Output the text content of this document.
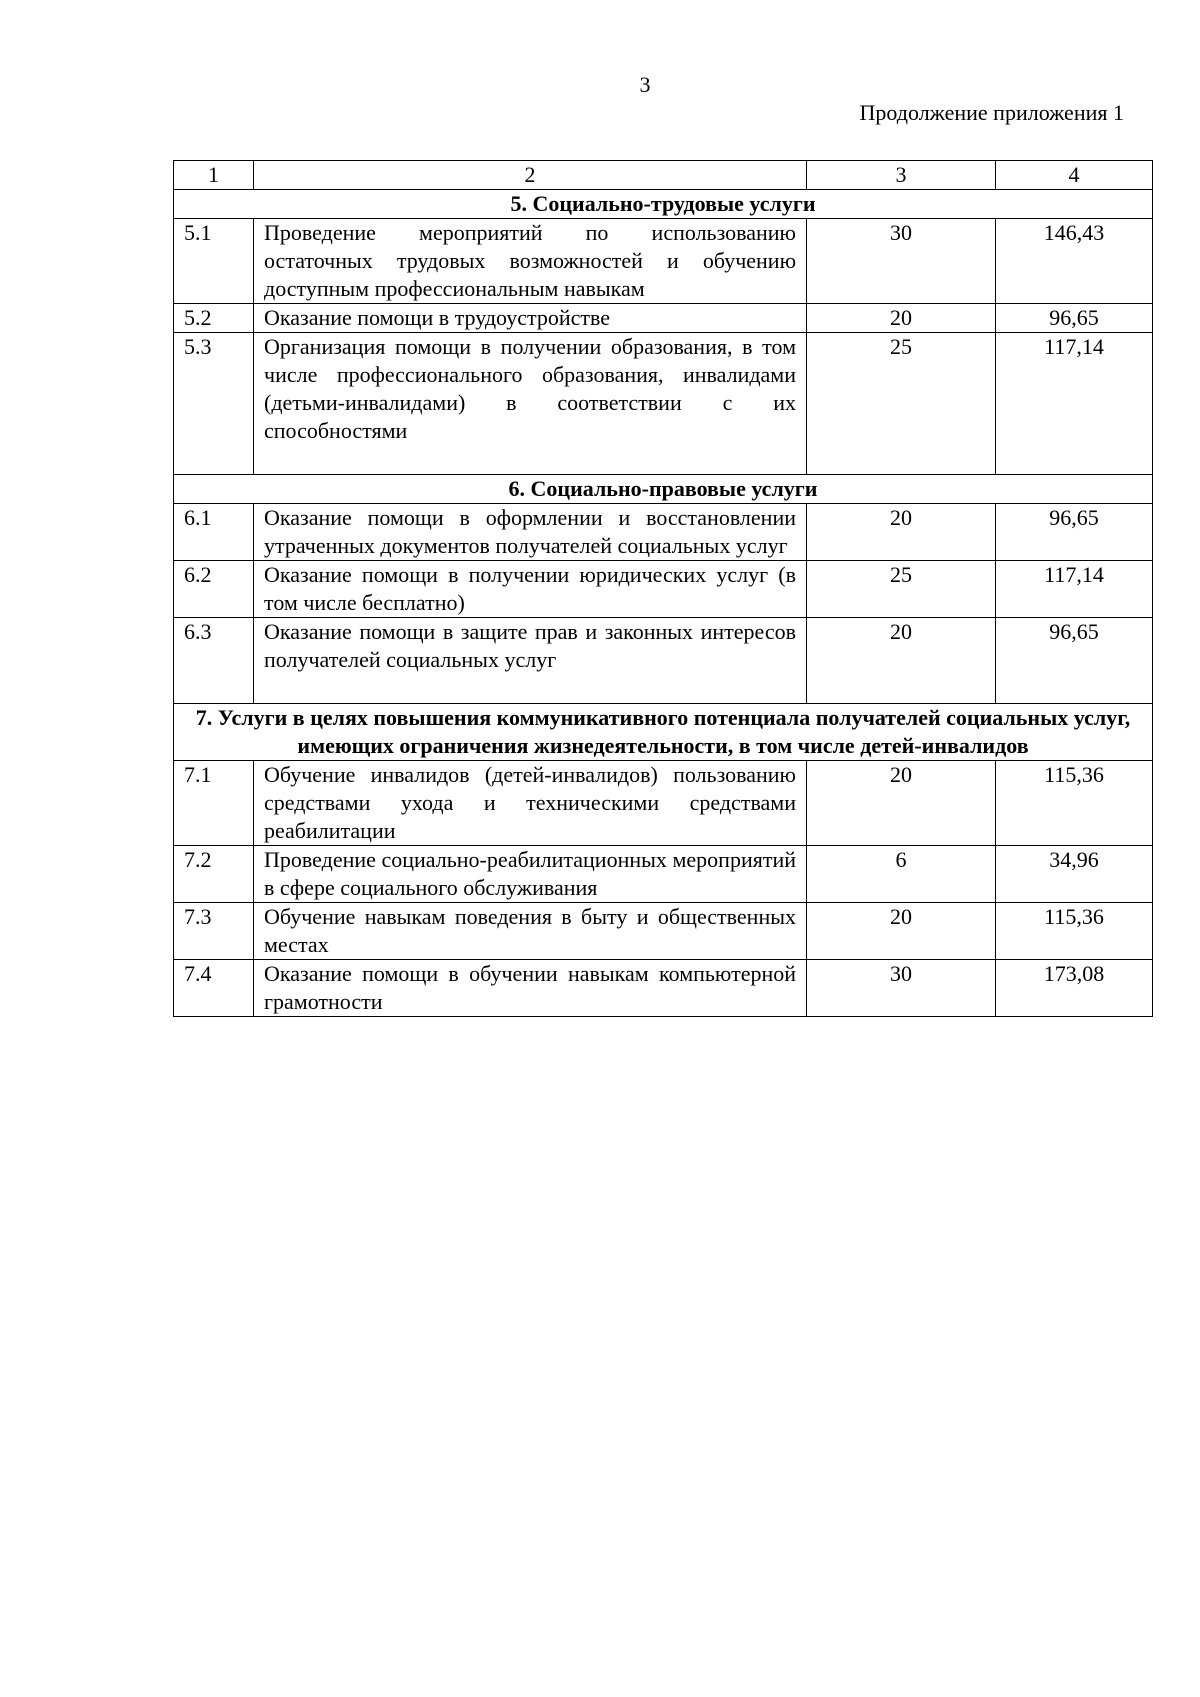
3
Продолжение приложения 1
1	2	3	4
5. Социально-трудовые услуги			
5.1	Проведение мероприятий по использованию остаточных трудовых возможностей и обучению доступным профессиональным навыкам	30	146,43
5.2	Оказание помощи в трудоустройстве	20	96,65
5.3	Организация помощи в получении образования, в том числе профессионального образования, инвалидами (детьми-инвалидами) в соответствии с их способностями	25	117,14
6. Социально-правовые услуги			
6.1	Оказание помощи в оформлении и восстановлении утраченных документов получателей социальных услуг	20	96,65
6.2	Оказание помощи в получении юридических услуг (в том числе бесплатно)	25	117,14
6.3	Оказание помощи в защите прав и законных интересов получателей социальных услуг	20	96,65
7. Услуги в целях повышения коммуникативного потенциала получателей социальных услуг, имеющих ограничения жизнедеятельности, в том числе детей-инвалидов			
7.1	Обучение инвалидов (детей-инвалидов) пользованию средствами ухода и техническими средствами реабилитации	20	115,36
7.2	Проведение социально-реабилитационных мероприятий в сфере социального обслуживания	6	34,96
7.3	Обучение навыкам поведения в быту и общественных местах	20	115,36
7.4	Оказание помощи в обучении навыкам компьютерной грамотности	30	173,08
